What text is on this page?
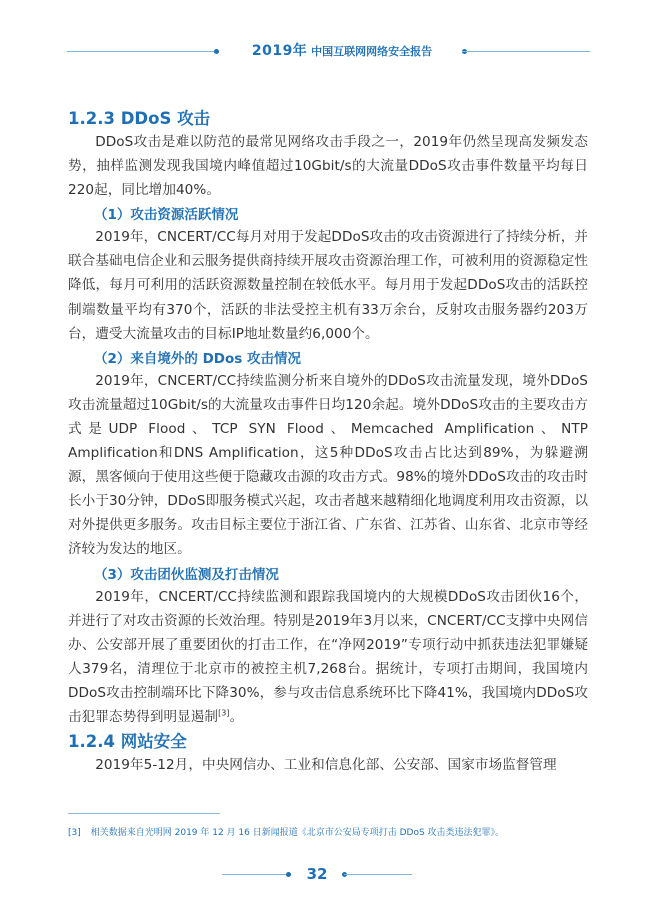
2019年 中国互联网网络安全报告
1.2.3 DDoS 攻击

DDoS攻击是难以防范的最常见网络攻击手段之一，2019年仍然呈现高发频发态势，抽样监测发现我国境内峰值超过10Gbit/s的大流量DDoS攻击事件数量平均每日220起，同比增加40%。

（1）攻击资源活跃情况

2019年，CNCERT/CC每月对用于发起DDoS攻击的攻击资源进行了持续分析，并联合基础电信企业和云服务提供商持续开展攻击资源治理工作，可被利用的资源稳定性降低，每月可利用的活跃资源数量控制在较低水平。每月用于发起DDoS攻击的活跃控制端数量平均有370个，活跃的非法受控主机有33万余台，反射攻击服务器约203万台，遭受大流量攻击的目标IP地址数量约6,000个。

（2）来自境外的 DDos 攻击情况

2019年，CNCERT/CC持续监测分析来自境外的DDoS攻击流量发现，境外DDoS攻击流量超过10Gbit/s的大流量攻击事件日均120余起。境外DDoS攻击的主要攻击方式是UDP Flood、TCP SYN Flood、Memcached Amplification、NTP Amplification和DNS Amplification，这5种DDoS攻击占比达到89%，为躲避溯源，黑客倾向于使用这些便于隐藏攻击源的攻击方式。98%的境外DDoS攻击的攻击时长小于30分钟，DDoS即服务模式兴起，攻击者越来越精细化地调度利用攻击资源，以对外提供更多服务。攻击目标主要位于浙江省、广东省、江苏省、山东省、北京市等经济较为发达的地区。

（3）攻击团伙监测及打击情况

2019年，CNCERT/CC持续监测和跟踪我国境内的大规模DDoS攻击团伙16个，并进行了对攻击资源的长效治理。特别是2019年3月以来，CNCERT/CC支撑中央网信办、公安部开展了重要团伙的打击工作，在“净网2019”专项行动中抓获违法犯罪嫌疑人379名，清理位于北京市的被控主机7,268台。据统计，专项打击期间，我国境内DDoS攻击控制端环比下降30%，参与攻击信息系统环比下降41%，我国境内DDoS攻击犯罪态势得到明显遏制[3]。

1.2.4 网站安全

2019年5-12月，中央网信办、工业和信息化部、公安部、国家市场监督管理

[3] 相关数据来自光明网 2019 年 12 月 16 日新闻报道《北京市公安局专项打击 DDoS 攻击类违法犯罪》。
32
